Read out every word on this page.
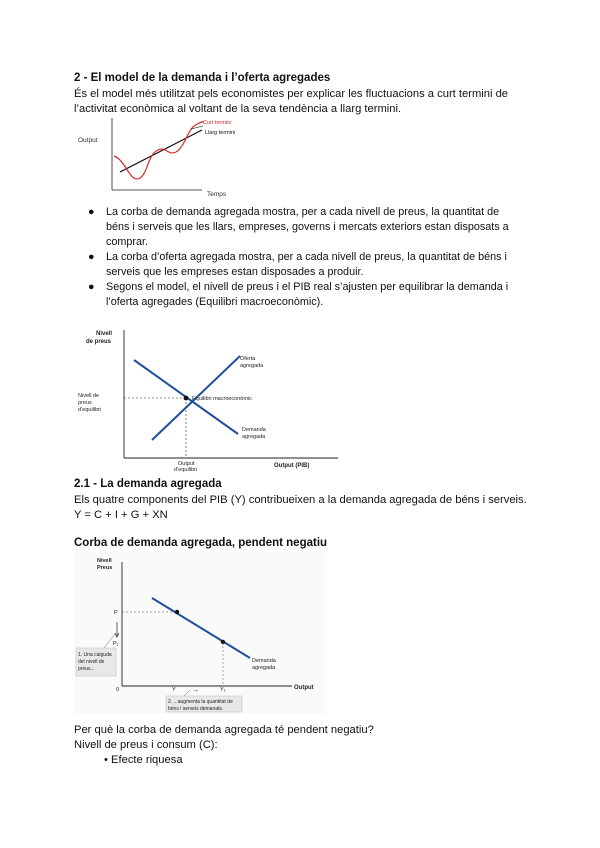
2 - El model de la demanda i l’oferta agregades
És el model més utilitzat pels economistes per explicar les fluctuacions a curt termini de
l’activitat econòmica al voltant de la seva tendència a llarg termini.
Output
Temps
Curt termini
Llarg termini
● La corba de demanda agregada mostra, per a cada nivell de preus, la quantitat de
béns i serveis que les llars, empreses, governs i mercats exteriors estan disposats a
comprar.
● La corba d’oferta agregada mostra, per a cada nivell de preus, la quantitat de béns i
serveis que les empreses estan disposades a produir.
● Segons el model, el nivell de preus i el PIB real s’ajusten per equilibrar la demanda i
l’oferta agregades (Equilibri macroeconòmic).
Nivell
de preus
Output (PIB)
Equilibri macroeconòmic
Nivell de
preus
d’equilibri
Output
d’equilibri
Oferta
agregada
Demanda
agregada
2.1 - La demanda agregada
Els quatre components del PIB (Y) contribueixen a la demanda agregada de béns i serveis.
Y = C + I + G + XN
Corba de demanda agregada, pendent negatiu
Nivell
Preus
Output
0
P
P₁
Y	Y₁
→
Demanda
agregada
1. Una caiguda
del nivell de
preus...
2. ...augmenta la quantitat de
béns i serveis demanats.
Per què la corba de demanda agregada té pendent negatiu?
Nivell de preus i consum (C):
• Efecte riquesa
